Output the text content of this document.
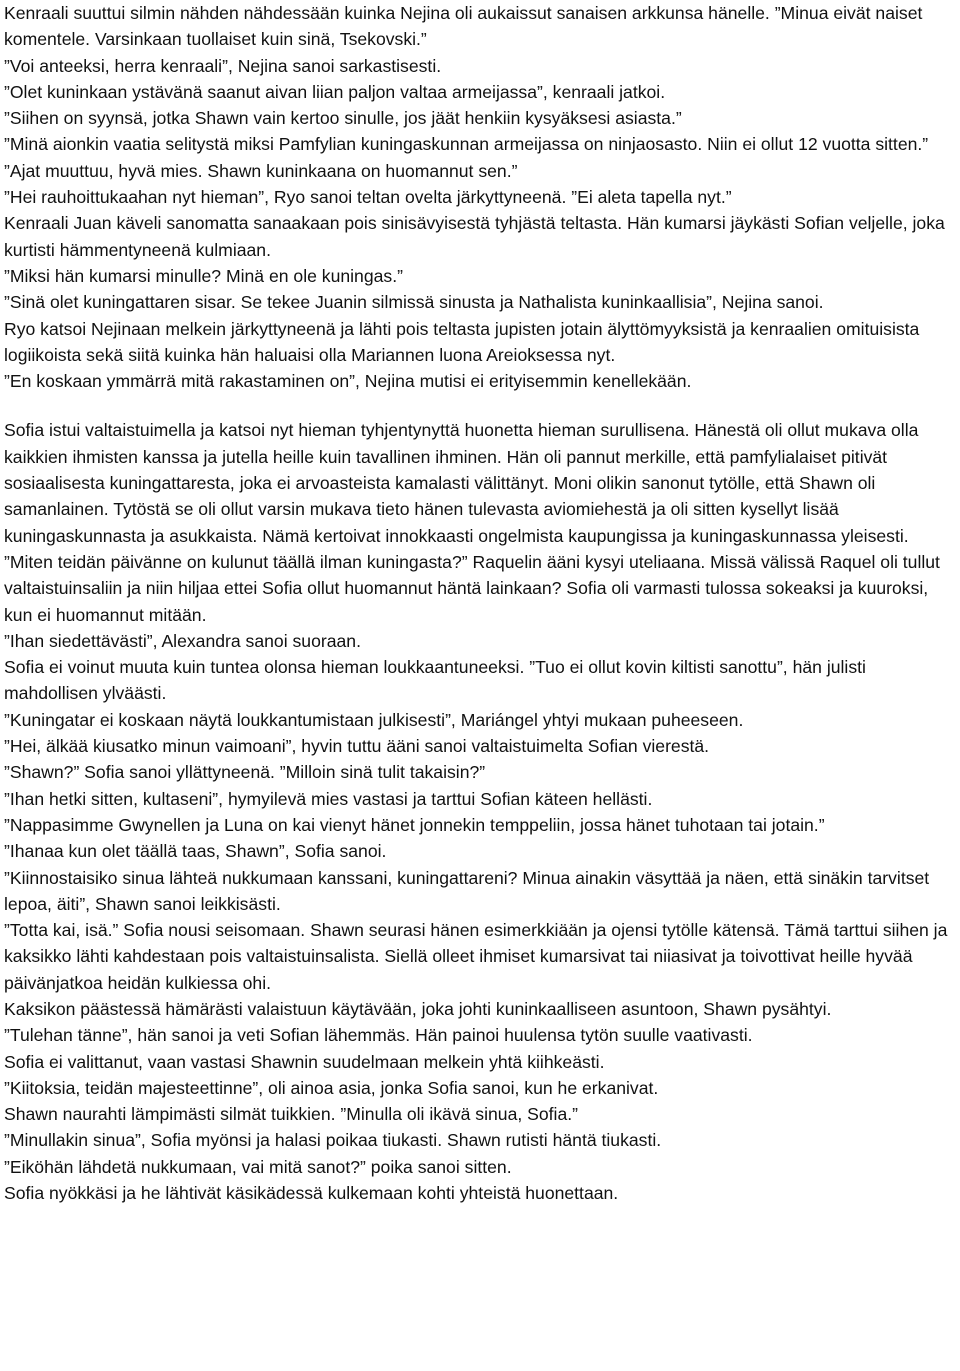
Kenraali suuttui silmin nähden nähdessään kuinka Nejina oli aukaissut sanaisen arkkunsa hänelle. ”Minua eivät naiset komentele. Varsinkaan tuollaiset kuin sinä, Tsekovski.”

”Voi anteeksi, herra kenraali”, Nejina sanoi sarkastisesti.

”Olet kuninkaan ystävänä saanut aivan liian paljon valtaa armeijassa”, kenraali jatkoi.

”Siihen on syynsä, jotka Shawn vain kertoo sinulle, jos jäät henkiin kysyäksesi asiasta.”

”Minä aionkin vaatia selitystä miksi Pamfylian kuningaskunnan armeijassa on ninjaosasto. Niin ei ollut 12 vuotta sitten.”

”Ajat muuttuu, hyvä mies. Shawn kuninkaana on huomannut sen.”

”Hei rauhoittukaahan nyt hieman”, Ryo sanoi teltan ovelta järkyttyneenä. ”Ei aleta tapella nyt.”

Kenraali Juan käveli sanomatta sanaakaan pois sinisävyisestä tyhjästä teltasta. Hän kumarsi jäykästi Sofian veljelle, joka kurtisti hämmentyneenä kulmiaan.

”Miksi hän kumarsi minulle? Minä en ole kuningas.”

”Sinä olet kuningattaren sisar. Se tekee Juanin silmissä sinusta ja Nathalista kuninkaallisia”, Nejina sanoi.

Ryo katsoi Nejinaan melkein järkyttyneenä ja lähti pois teltasta jupisten jotain älyttömyyksistä ja kenraalien omituisista logiikoista sekä siitä kuinka hän haluaisi olla Mariannen luona Areioksessa nyt.

”En koskaan ymmärrä mitä rakastaminen on”, Nejina mutisi ei erityisemmin kenellekään.

Sofia istui valtaistuimella ja katsoi nyt hieman tyhjentynyttä huonetta hieman surullisena. Hänestä oli ollut mukava olla kaikkien ihmisten kanssa ja jutella heille kuin tavallinen ihminen. Hän oli pannut merkille, että pamfylialaiset pitivät sosiaalisesta kuningattaresta, joka ei arvoasteista kamalasti välittänyt. Moni olikin sanonut tytölle, että Shawn oli samanlainen. Tytöstä se oli ollut varsin mukava tieto hänen tulevasta aviomiehestä ja oli sitten kysellyt lisää kuningaskunnasta ja asukkaista. Nämä kertoivat innokkaasti ongelmista kaupungissa ja kuningaskunnassa yleisesti.

”Miten teidän päivänne on kulunut täällä ilman kuningasta?” Raquelin ääni kysyi uteliaana. Missä välissä Raquel oli tullut valtaistuinsaliin ja niin hiljaa ettei Sofia ollut huomannut häntä lainkaan? Sofia oli varmasti tulossa sokeaksi ja kuuroksi, kun ei huomannut mitään.

”Ihan siedettävästi”, Alexandra sanoi suoraan.

Sofia ei voinut muuta kuin tuntea olonsa hieman loukkaantuneeksi. ”Tuo ei ollut kovin kiltisti sanottu”, hän julisti mahdollisen ylväästi.

”Kuningatar ei koskaan näytä loukkantumistaan julkisesti”, Mariángel yhtyi mukaan puheeseen.

”Hei, älkää kiusatko minun vaimoani”, hyvin tuttu ääni sanoi valtaistuimelta Sofian vierestä.

”Shawn?” Sofia sanoi yllättyneenä. ”Milloin sinä tulit takaisin?”

”Ihan hetki sitten, kultaseni”, hymyilevä mies vastasi ja tarttui Sofian käteen hellästi.

”Nappasimme Gwynellen ja Luna on kai vienyt hänet jonnekin temppeliin, jossa hänet tuhotaan tai jotain.”

”Ihanaa kun olet täällä taas, Shawn”, Sofia sanoi.

”Kiinnostaisiko sinua lähteä nukkumaan kanssani, kuningattareni? Minua ainakin väsyttää ja näen, että sinäkin tarvitset lepoa, äiti”, Shawn sanoi leikkisästi.

”Totta kai, isä.” Sofia nousi seisomaan. Shawn seurasi hänen esimerkkiään ja ojensi tytölle kätensä. Tämä tarttui siihen ja kaksikko lähti kahdestaan pois valtaistuinsalista. Siellä olleet ihmiset kumarsivat tai niiasivat ja toivottivat heille hyvää päivänjatkoa heidän kulkiessa ohi.

Kaksikon päästessä hämärästi valaistuun käytävään, joka johti kuninkaalliseen asuntoon, Shawn pysähtyi.

”Tulehan tänne”, hän sanoi ja veti Sofian lähemmäs. Hän painoi huulensa tytön suulle vaativasti.

Sofia ei valittanut, vaan vastasi Shawnin suudelmaan melkein yhtä kiihkeästi.

”Kiitoksia, teidän majesteettinne”, oli ainoa asia, jonka Sofia sanoi, kun he erkanivat.

Shawn naurahti lämpimästi silmät tuikkien. ”Minulla oli ikävä sinua, Sofia.”

”Minullakin sinua”, Sofia myönsi ja halasi poikaa tiukasti. Shawn rutisti häntä tiukasti.

”Eiköhän lähdetä nukkumaan, vai mitä sanot?” poika sanoi sitten.

Sofia nyökkäsi ja he lähtivät käsikädessä kulkemaan kohti yhteistä huonettaan.
